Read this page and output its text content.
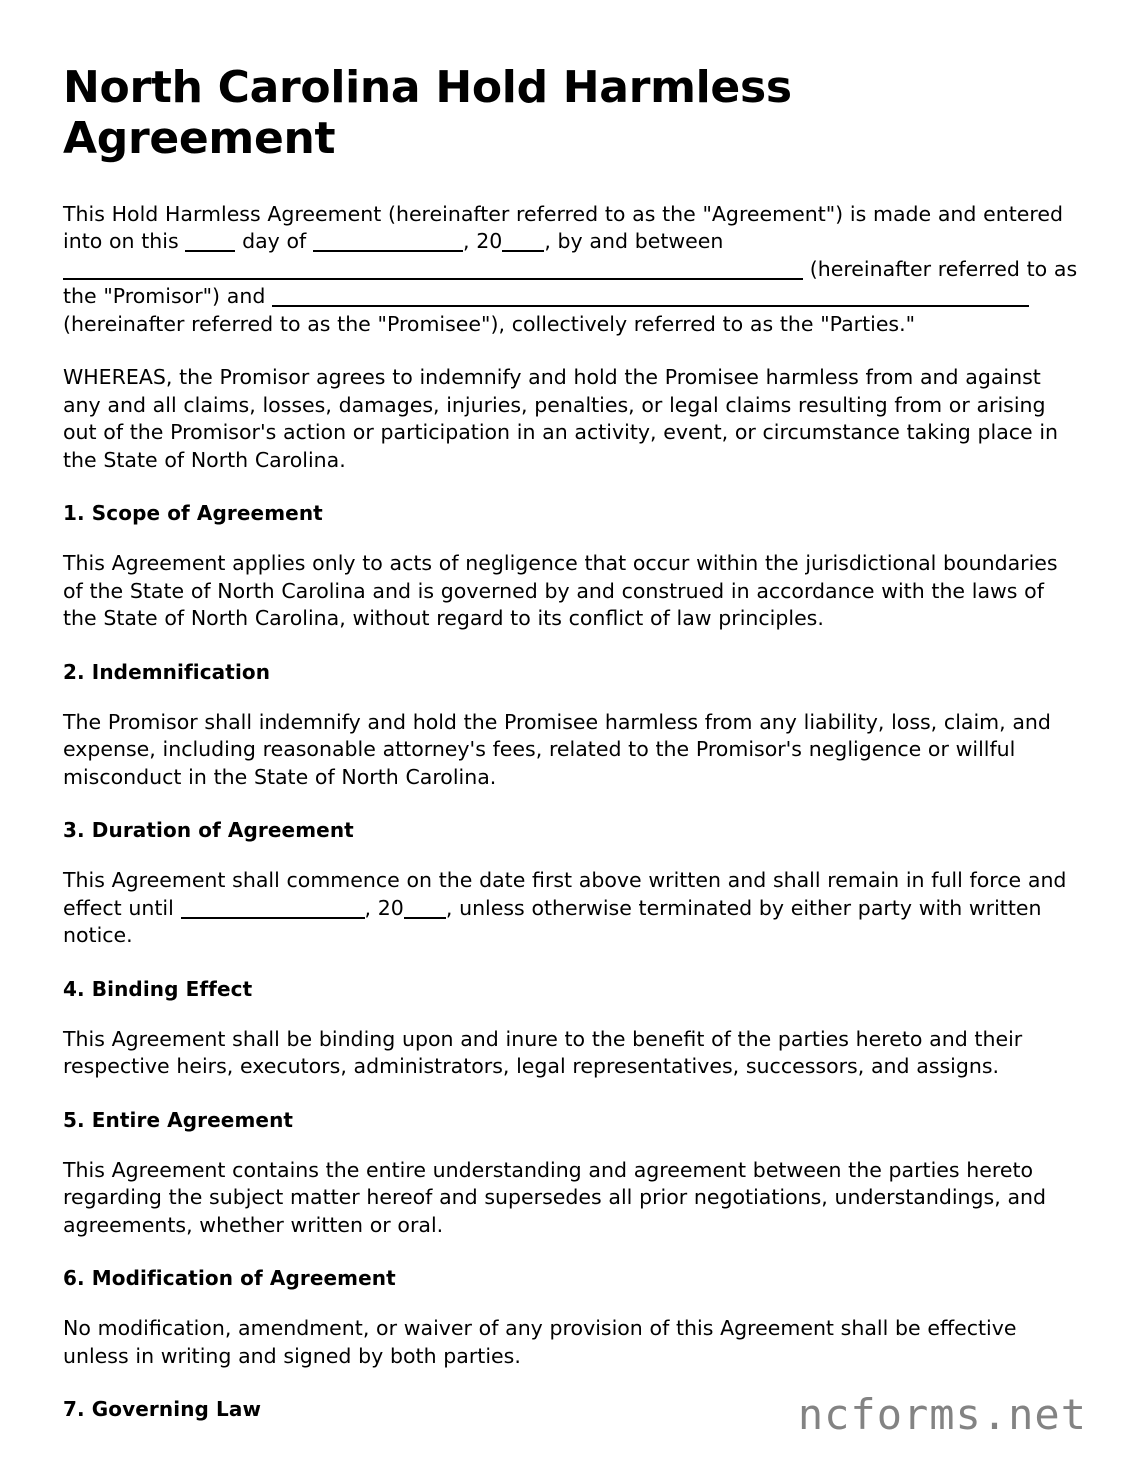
North Carolina Hold Harmless Agreement

This Hold Harmless Agreement (hereinafter referred to as the "Agreement") is made and entered into on this  day of	, 20 , by and between  (hereinafter referred to as the "Promisor") and  (hereinafter referred to as the "Promisee"), collectively referred to as the "Parties."

WHEREAS, the Promisor agrees to indemnify and hold the Promisee harmless from and against any and all claims, losses, damages, injuries, penalties, or legal claims resulting from or arising out of the Promisor's action or participation in an activity, event, or circumstance taking place in the State of North Carolina.

1. Scope of Agreement

This Agreement applies only to acts of negligence that occur within the jurisdictional boundaries of the State of North Carolina and is governed by and construed in accordance with the laws of the State of North Carolina, without regard to its conflict of law principles.

2. Indemnification

The Promisor shall indemnify and hold the Promisee harmless from any liability, loss, claim, and expense, including reasonable attorney's fees, related to the Promisor's negligence or willful misconduct in the State of North Carolina.

3. Duration of Agreement

This Agreement shall commence on the date first above written and shall remain in full force and effect until	, 20 , unless otherwise terminated by either party with written notice.

4. Binding Effect

This Agreement shall be binding upon and inure to the benefit of the parties hereto and their respective heirs, executors, administrators, legal representatives, successors, and assigns.

5. Entire Agreement

This Agreement contains the entire understanding and agreement between the parties hereto regarding the subject matter hereof and supersedes all prior negotiations, understandings, and agreements, whether written or oral.

6. Modification of Agreement

No modification, amendment, or waiver of any provision of this Agreement shall be effective unless in writing and signed by both parties.

7. Governing Law	ncforms.net
